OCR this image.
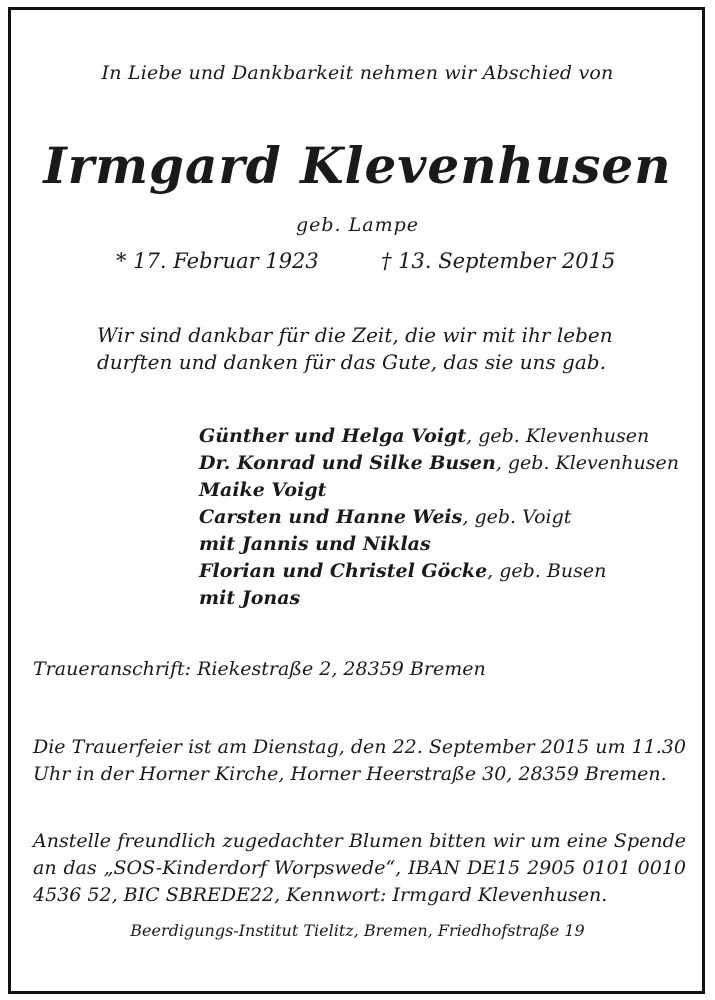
In Liebe und Dankbarkeit nehmen wir Abschied von
Irmgard Klevenhusen
geb. Lampe
* 17. Februar 1923	† 13. September 2015
Wir sind dankbar für die Zeit, die wir mit ihr leben
durften und danken für das Gute, das sie uns gab.
Günther und Helga Voigt, geb. Klevenhusen
Dr. Konrad und Silke Busen, geb. Klevenhusen
Maike Voigt
Carsten und Hanne Weis, geb. Voigt
mit Jannis und Niklas
Florian und Christel Göcke, geb. Busen
mit Jonas
Traueranschrift: Riekestraße 2, 28359 Bremen
Die Trauerfeier ist am Dienstag, den 22. September 2015 um 11.30 Uhr in der Horner Kirche, Horner Heerstraße 30, 28359 Bremen.
Anstelle freundlich zugedachter Blumen bitten wir um eine Spende an das „SOS-Kinderdorf Worpswede“, IBAN DE15 2905 0101 0010 4536 52, BIC SBREDE22, Kennwort: Irmgard Klevenhusen.
Beerdigungs-Institut Tielitz, Bremen, Friedhofstraße 19
